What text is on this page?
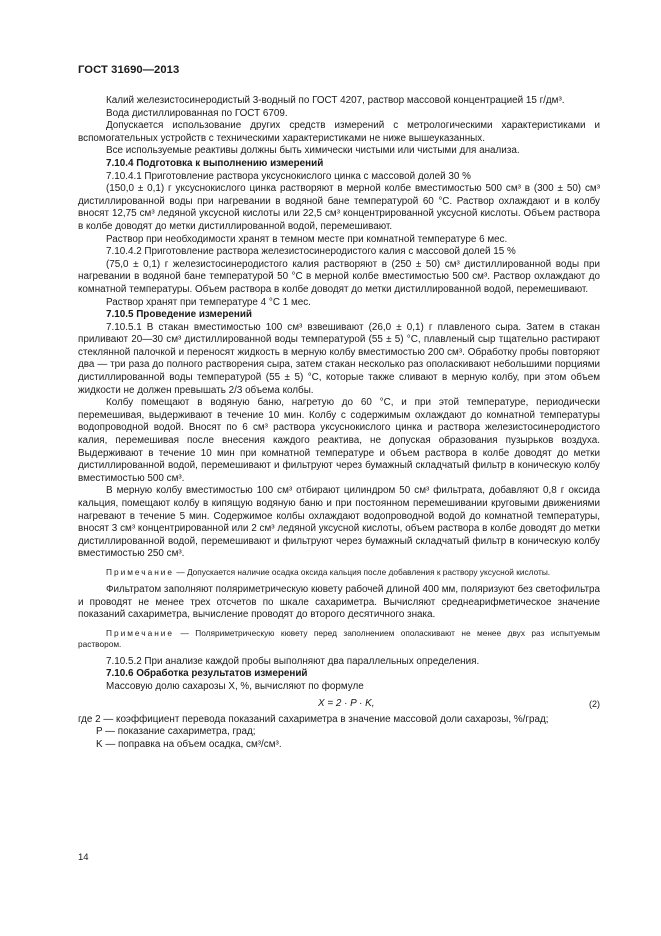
ГОСТ 31690—2013

Калий железистосинеродистый 3-водный по ГОСТ 4207, раствор массовой концентрацией 15 г/дм³.

Вода дистиллированная по ГОСТ 6709.

Допускается использование других средств измерений с метрологическими характеристиками и вспомогательных устройств с техническими характеристиками не ниже вышеуказанных.

Все используемые реактивы должны быть химически чистыми или чистыми для анализа.

7.10.4 Подготовка к выполнению измерений

7.10.4.1 Приготовление раствора уксуснокислого цинка с массовой долей 30 %

(150,0 ± 0,1) г уксуснокислого цинка растворяют в мерной колбе вместимостью 500 см³ в (300 ± 50) см³ дистиллированной воды при нагревании в водяной бане температурой 60 °С. Раствор охлаждают и в колбу вносят 12,75 см³ ледяной уксусной кислоты или 22,5 см³ концентрированной уксусной кислоты. Объем раствора в колбе доводят до метки дистиллированной водой, перемешивают.

Раствор при необходимости хранят в темном месте при комнатной температуре 6 мес.

7.10.4.2 Приготовление раствора железистосинеродистого калия с массовой долей 15 %

(75,0 ± 0,1) г железистосинеродистого калия растворяют в (250 ± 50) см³ дистиллированной воды при нагревании в водяной бане температурой 50 °С в мерной колбе вместимостью 500 см³. Раствор охлаждают до комнатной температуры. Объем раствора в колбе доводят до метки дистиллированной водой, перемешивают.

Раствор хранят при температуре 4 °С 1 мес.

7.10.5 Проведение измерений

7.10.5.1 В стакан вместимостью 100 см³ взвешивают (26,0 ± 0,1) г плавленого сыра. Затем в стакан приливают 20—30 см³ дистиллированной воды температурой (55 ± 5) °С, плавленый сыр тщательно растирают стеклянной палочкой и переносят жидкость в мерную колбу вместимостью 200 см³. Обработку пробы повторяют два — три раза до полного растворения сыра, затем стакан несколько раз ополаскивают небольшими порциями дистиллированной воды температурой (55 ± 5) °С, которые также сливают в мерную колбу, при этом объем жидкости не должен превышать 2/3 объема колбы.

Колбу помещают в водяную баню, нагретую до 60 °С, и при этой температуре, периодически перемешивая, выдерживают в течение 10 мин. Колбу с содержимым охлаждают до комнатной температуры водопроводной водой. Вносят по 6 см³ раствора уксуснокислого цинка и раствора железистосинеродистого калия, перемешивая после внесения каждого реактива, не допуская образования пузырьков воздуха. Выдерживают в течение 10 мин при комнатной температуре и объем раствора в колбе доводят до метки дистиллированной водой, перемешивают и фильтруют через бумажный складчатый фильтр в коническую колбу вместимостью 500 см³.

В мерную колбу вместимостью 100 см³ отбирают цилиндром 50 см³ фильтрата, добавляют 0,8 г оксида кальция, помещают колбу в кипящую водяную баню и при постоянном перемешивании круговыми движениями нагревают в течение 5 мин. Содержимое колбы охлаждают водопроводной водой до комнатной температуры, вносят 3 см³ концентрированной или 2 см³ ледяной уксусной кислоты, объем раствора в колбе доводят до метки дистиллированной водой, перемешивают и фильтруют через бумажный складчатый фильтр в коническую колбу вместимостью 250 см³.

Примечание — Допускается наличие осадка оксида кальция после добавления к раствору уксусной кислоты.

Фильтратом заполняют поляриметрическую кювету рабочей длиной 400 мм, поляризуют без светофильтра и проводят не менее трех отсчетов по шкале сахариметра. Вычисляют среднеарифметическое значение показаний сахариметра, вычисление проводят до второго десятичного знака.

Примечание — Поляриметрическую кювету перед заполнением ополаскивают не менее двух раз испытуемым раствором.

7.10.5.2 При анализе каждой пробы выполняют два параллельных определения.

7.10.6 Обработка результатов измерений

Массовую долю сахарозы X, %, вычисляют по формуле

X = 2 · P · K,	(2)

где 2 — коэффициент перевода показаний сахариметра в значение массовой доли сахарозы, %/град;

P — показание сахариметра, град;

K — поправка на объем осадка, см³/см³.

14
